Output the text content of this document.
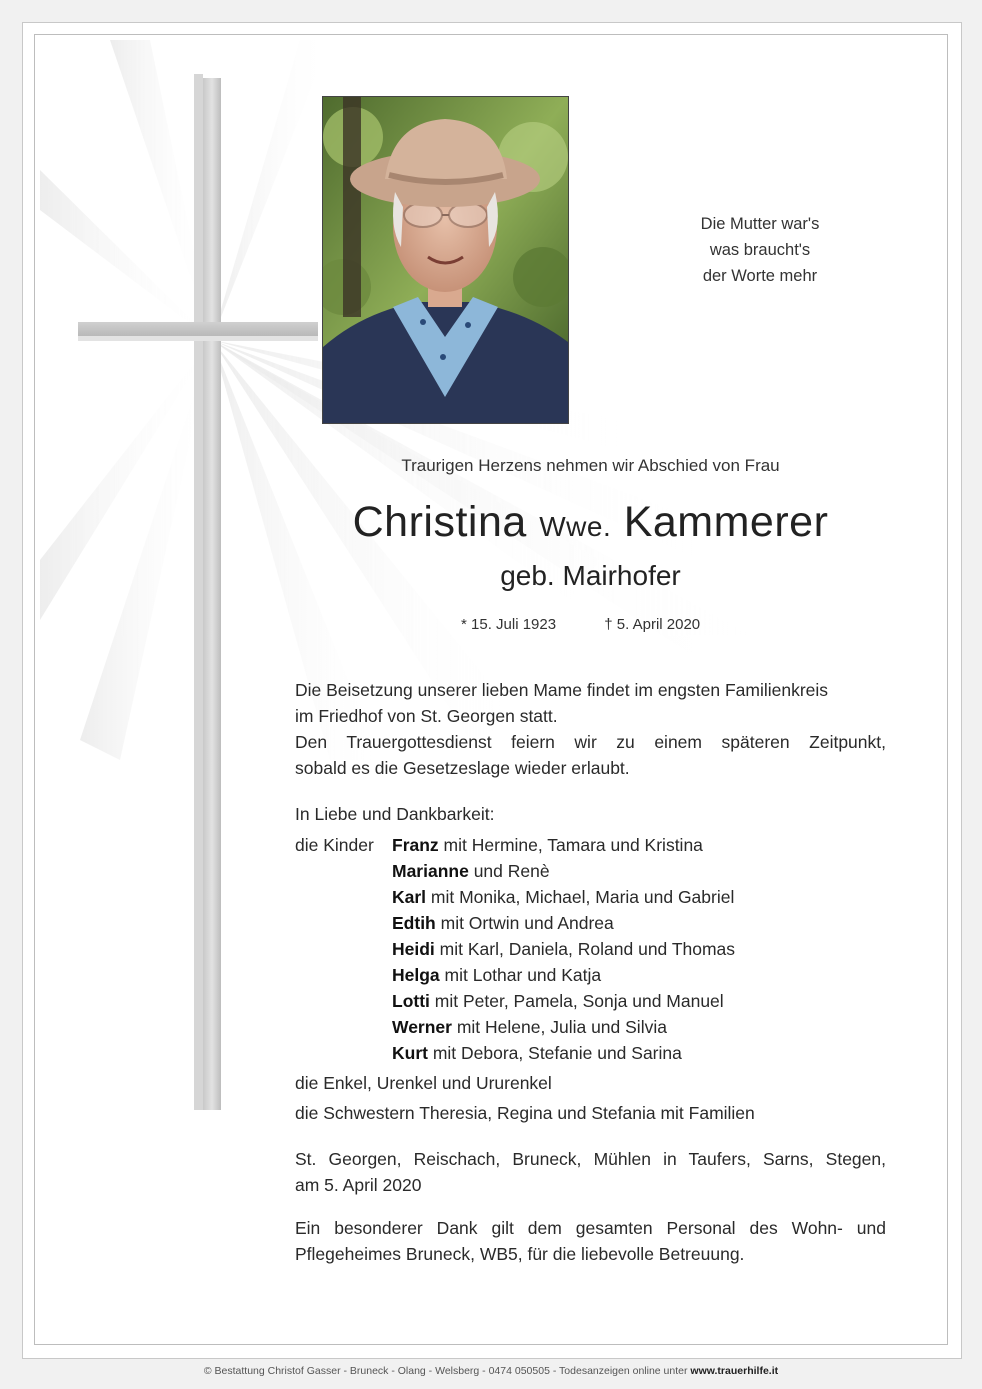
Die Mutter war's
was braucht's
der Worte mehr
Traurigen Herzens nehmen wir Abschied von Frau
Christina Wwe. Kammerer
geb. Mairhofer
* 15. Juli 1923	† 5. April 2020
Die Beisetzung unserer lieben Mame findet im engsten Familienkreis
im Friedhof von St. Georgen statt.
Den Trauergottesdienst feiern wir zu einem späteren Zeitpunkt,
sobald es die Gesetzeslage wieder erlaubt.
In Liebe und Dankbarkeit:
die Kinder Franz mit Hermine, Tamara und Kristina
Marianne und Renè
Karl mit Monika, Michael, Maria und Gabriel
Edtih mit Ortwin und Andrea
Heidi mit Karl, Daniela, Roland und Thomas
Helga mit Lothar und Katja
Lotti mit Peter, Pamela, Sonja und Manuel
Werner mit Helene, Julia und Silvia
Kurt mit Debora, Stefanie und Sarina
die Enkel, Urenkel und Ururenkel
die Schwestern Theresia, Regina und Stefania mit Familien
St. Georgen, Reischach, Bruneck, Mühlen in Taufers, Sarns, Stegen,
am 5. April 2020
Ein besonderer Dank gilt dem gesamten Personal des Wohn- und
Pflegeheimes Bruneck, WB5, für die liebevolle Betreuung.
© Bestattung Christof Gasser - Bruneck - Olang - Welsberg - 0474 050505 - Todesanzeigen online unter www.trauerhilfe.it
